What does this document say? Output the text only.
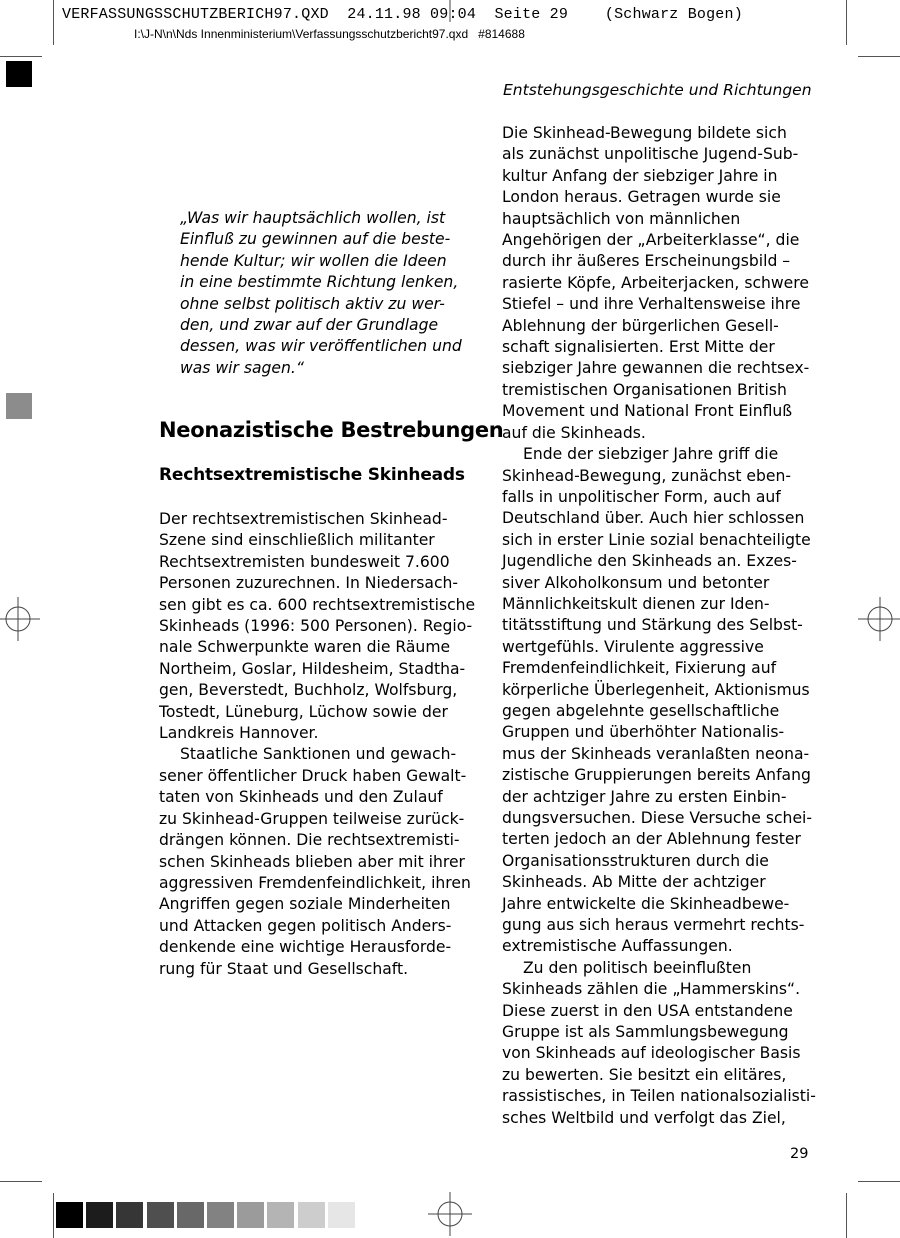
VERFASSUNGSSCHUTZBERICH97.QXD  24.11.98 09:04  Seite 29    (Schwarz Bogen)
I:\J-N\n\Nds Innenministerium\Verfassungsschutzbericht97.qxd   #814688
Entstehungsgeschichte und Richtungen
„Was wir hauptsächlich wollen, ist
Einfluß zu gewinnen auf die beste-
hende Kultur; wir wollen die Ideen
in eine bestimmte Richtung lenken,
ohne selbst politisch aktiv zu wer-
den, und zwar auf der Grundlage
dessen, was wir veröffentlichen und
was wir sagen.“
Neonazistische Bestrebungen
Rechtsextremistische Skinheads
Der rechtsextremistischen Skinhead-
Szene sind einschließlich militanter
Rechtsextremisten bundesweit 7.600
Personen zuzurechnen. In Niedersach-
sen gibt es ca. 600 rechtsextremistische
Skinheads (1996: 500 Personen). Regio-
nale Schwerpunkte waren die Räume
Northeim, Goslar, Hildesheim, Stadtha-
gen, Beverstedt, Buchholz, Wolfsburg,
Tostedt, Lüneburg, Lüchow sowie der
Landkreis Hannover.
Staatliche Sanktionen und gewach-
sener öffentlicher Druck haben Gewalt-
taten von Skinheads und den Zulauf
zu Skinhead-Gruppen teilweise zurück-
drängen können. Die rechtsextremisti-
schen Skinheads blieben aber mit ihrer
aggressiven Fremdenfeindlichkeit, ihren
Angriffen gegen soziale Minderheiten
und Attacken gegen politisch Anders-
denkende eine wichtige Herausforde-
rung für Staat und Gesellschaft.
Die Skinhead-Bewegung bildete sich
als zunächst unpolitische Jugend-Sub-
kultur Anfang der siebziger Jahre in
London heraus. Getragen wurde sie
hauptsächlich von männlichen
Angehörigen der „Arbeiterklasse“, die
durch ihr äußeres Erscheinungsbild –
rasierte Köpfe, Arbeiterjacken, schwere
Stiefel – und ihre Verhaltensweise ihre
Ablehnung der bürgerlichen Gesell-
schaft signalisierten. Erst Mitte der
siebziger Jahre gewannen die rechtsex-
tremistischen Organisationen British
Movement und National Front Einfluß
auf die Skinheads.
Ende der siebziger Jahre griff die
Skinhead-Bewegung, zunächst eben-
falls in unpolitischer Form, auch auf
Deutschland über. Auch hier schlossen
sich in erster Linie sozial benachteiligte
Jugendliche den Skinheads an. Exzes-
siver Alkoholkonsum und betonter
Männlichkeitskult dienen zur Iden-
titätsstiftung und Stärkung des Selbst-
wertgefühls. Virulente aggressive
Fremdenfeindlichkeit, Fixierung auf
körperliche Überlegenheit, Aktionismus
gegen abgelehnte gesellschaftliche
Gruppen und überhöhter Nationalis-
mus der Skinheads veranlaßten neona-
zistische Gruppierungen bereits Anfang
der achtziger Jahre zu ersten Einbin-
dungsversuchen. Diese Versuche schei-
terten jedoch an der Ablehnung fester
Organisationsstrukturen durch die
Skinheads. Ab Mitte der achtziger
Jahre entwickelte die Skinheadbewe-
gung aus sich heraus vermehrt rechts-
extremistische Auffassungen.
Zu den politisch beeinflußten
Skinheads zählen die „Hammerskins“.
Diese zuerst in den USA entstandene
Gruppe ist als Sammlungsbewegung
von Skinheads auf ideologischer Basis
zu bewerten. Sie besitzt ein elitäres,
rassistisches, in Teilen nationalsozialisti-
sches Weltbild und verfolgt das Ziel,
29
